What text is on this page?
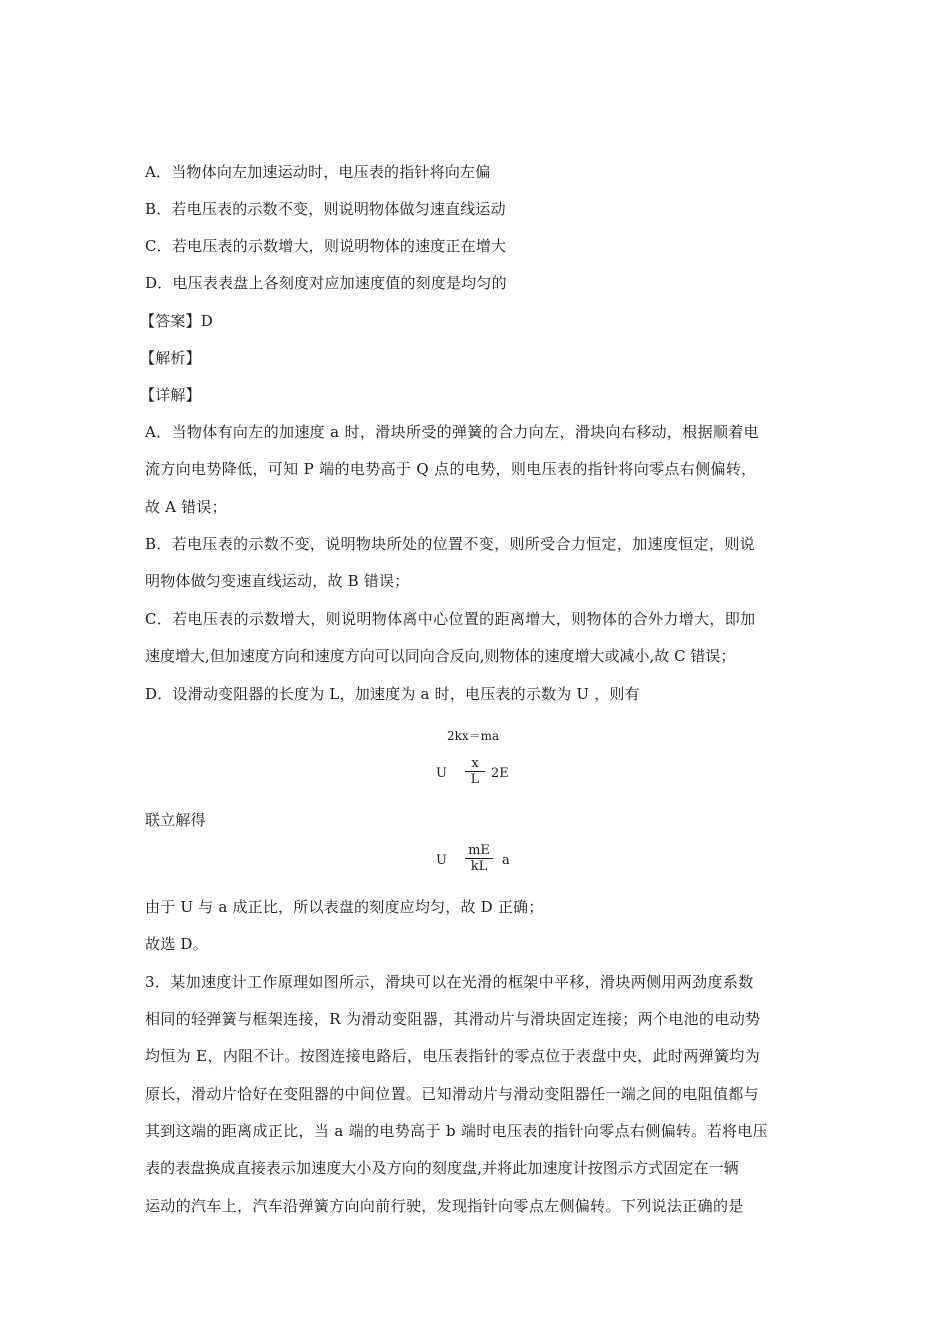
A．当物体向左加速运动时，电压表的指针将向左偏
B．若电压表的示数不变，则说明物体做匀速直线运动
C．若电压表的示数增大，则说明物体的速度正在增大
D．电压表表盘上各刻度对应加速度值的刻度是均匀的
【答案】D
【解析】
【详解】
A．当物体有向左的加速度 a 时，滑块所受的弹簧的合力向左，滑块向右移动，根据顺着电
流方向电势降低，可知 P 端的电势高于 Q 点的电势，则电压表的指针将向零点右侧偏转，
故 A 错误；
B．若电压表的示数不变，说明物块所处的位置不变，则所受合力恒定，加速度恒定，则说
明物体做匀变速直线运动，故 B 错误；
C．若电压表的示数增大，则说明物体离中心位置的距离增大，则物体的合外力增大，即加
速度增大,但加速度方向和速度方向可以同向合反向,则物体的速度增大或减小,故 C 错误；
D．设滑动变阻器的长度为 L，加速度为 a 时，电压表的示数为 U ，则有
2kx＝ma
U
x
L 2E
联立解得
U
mE
kL	a
由于 U 与 a 成正比，所以表盘的刻度应均匀，故 D 正确；
故选 D。
3．某加速度计工作原理如图所示，滑块可以在光滑的框架中平移，滑块两侧用两劲度系数
相同的轻弹簧与框架连接，R 为滑动变阻器，其滑动片与滑块固定连接；两个电池的电动势
均恒为 E，内阻不计。按图连接电路后，电压表指针的零点位于表盘中央，此时两弹簧均为
原长，滑动片恰好在变阻器的中间位置。已知滑动片与滑动变阻器任一端之间的电阻值都与
其到这端的距离成正比，当 a 端的电势高于 b 端时电压表的指针向零点右侧偏转。若将电压
表的表盘换成直接表示加速度大小及方向的刻度盘,并将此加速度计按图示方式固定在一辆
运动的汽车上，汽车沿弹簧方向向前行驶，发现指针向零点左侧偏转。下列说法正确的是
